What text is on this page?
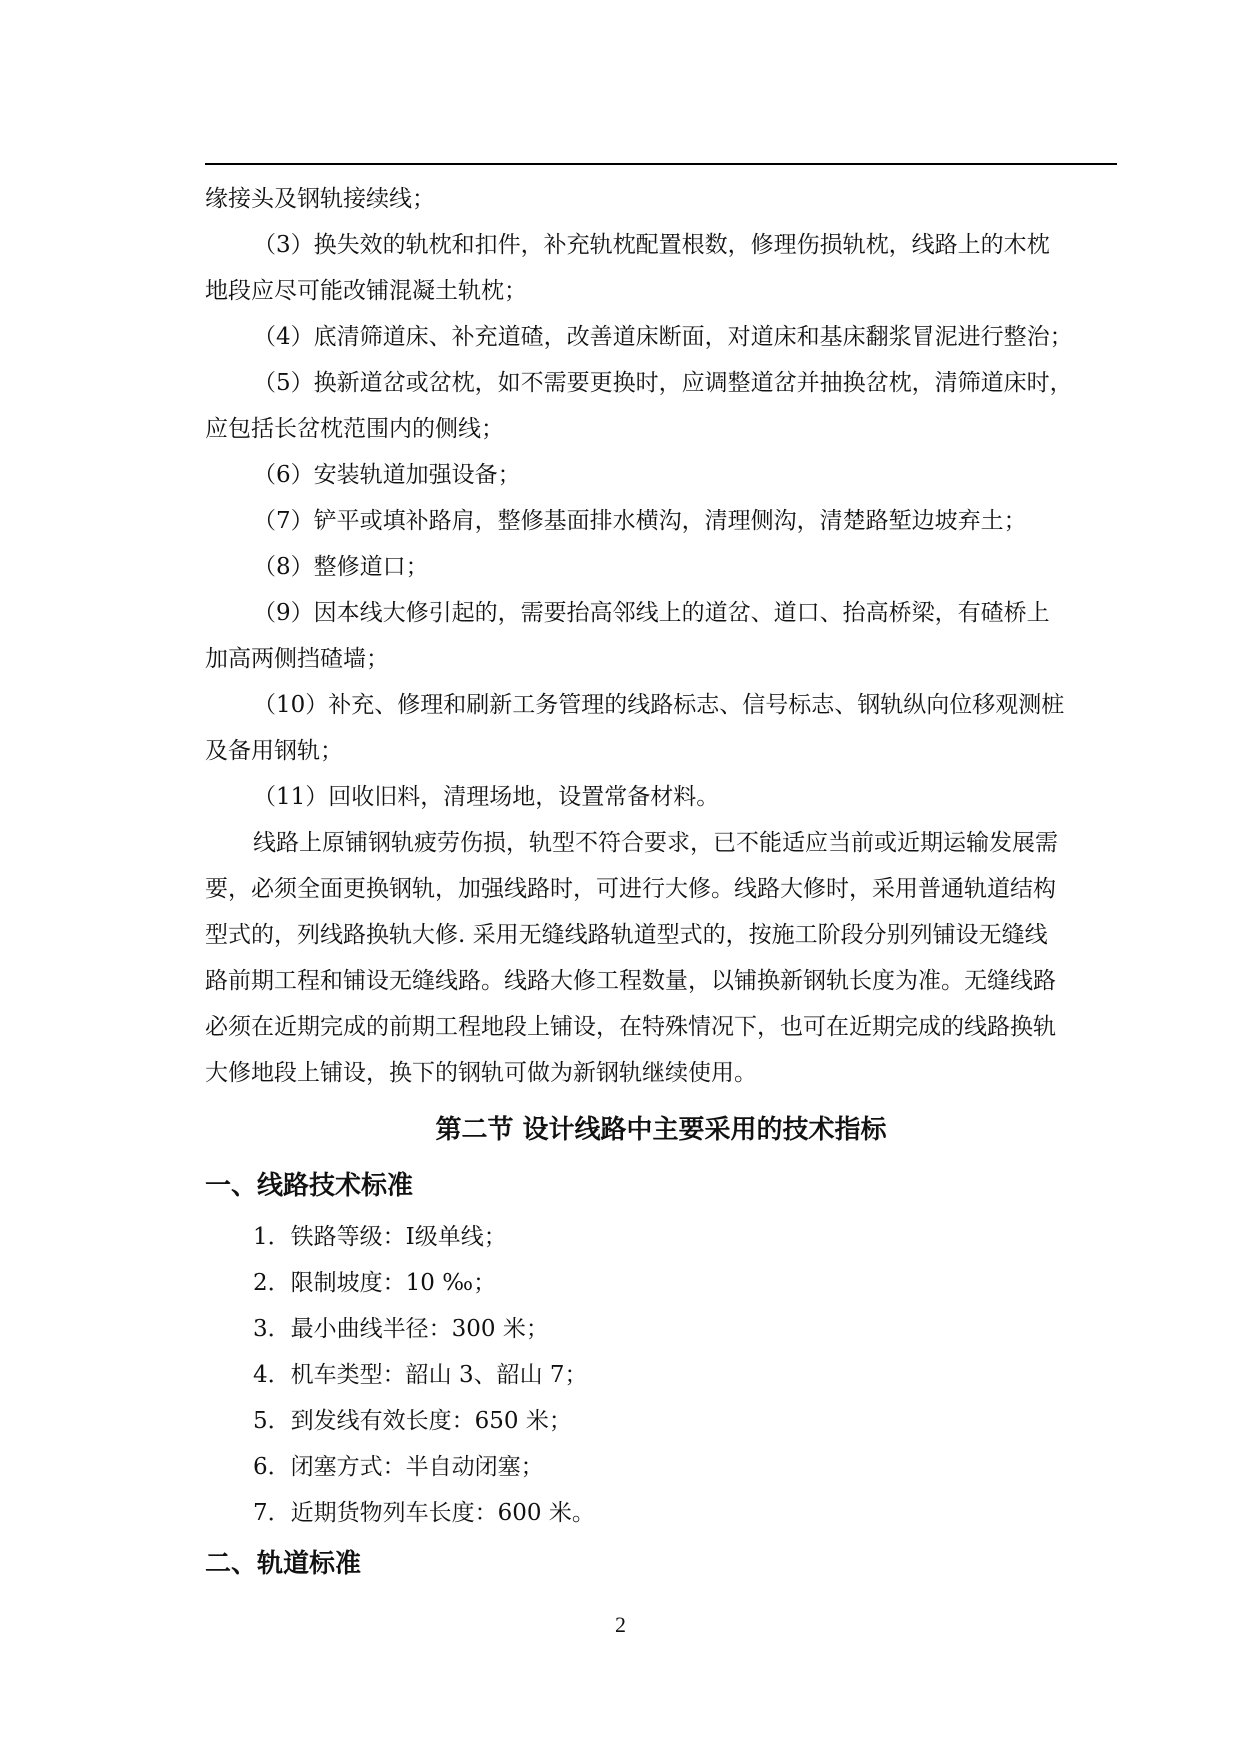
缘接头及钢轨接续线；
（3）换失效的轨枕和扣件，补充轨枕配置根数，修理伤损轨枕，线路上的木枕
地段应尽可能改铺混凝土轨枕；
（4）底清筛道床、补充道碴，改善道床断面，对道床和基床翻浆冒泥进行整治；
（5）换新道岔或岔枕，如不需要更换时，应调整道岔并抽换岔枕，清筛道床时，
应包括长岔枕范围内的侧线；
（6）安装轨道加强设备；
（7）铲平或填补路肩，整修基面排水横沟，清理侧沟，清楚路堑边坡弃土；
（8）整修道口；
（9）因本线大修引起的，需要抬高邻线上的道岔、道口、抬高桥梁，有碴桥上
加高两侧挡碴墙；
（10）补充、修理和刷新工务管理的线路标志、信号标志、钢轨纵向位移观测桩
及备用钢轨；
（11）回收旧料，清理场地，设置常备材料。
线路上原铺钢轨疲劳伤损，轨型不符合要求，已不能适应当前或近期运输发展需
要，必须全面更换钢轨，加强线路时，可进行大修。线路大修时，采用普通轨道结构
型式的，列线路换轨大修. 采用无缝线路轨道型式的，按施工阶段分别列铺设无缝线
路前期工程和铺设无缝线路。线路大修工程数量，以铺换新钢轨长度为准。无缝线路
必须在近期完成的前期工程地段上铺设，在特殊情况下，也可在近期完成的线路换轨
大修地段上铺设，换下的钢轨可做为新钢轨继续使用。
第二节 设计线路中主要采用的技术指标
一、线路技术标准
1．铁路等级：Ⅰ级单线；
2．限制坡度：10 ‰；
3．最小曲线半径：300 米；
4．机车类型：韶山 3、韶山 7；
5．到发线有效长度：650 米；
6．闭塞方式：半自动闭塞；
7．近期货物列车长度：600 米。
二、轨道标准
2
